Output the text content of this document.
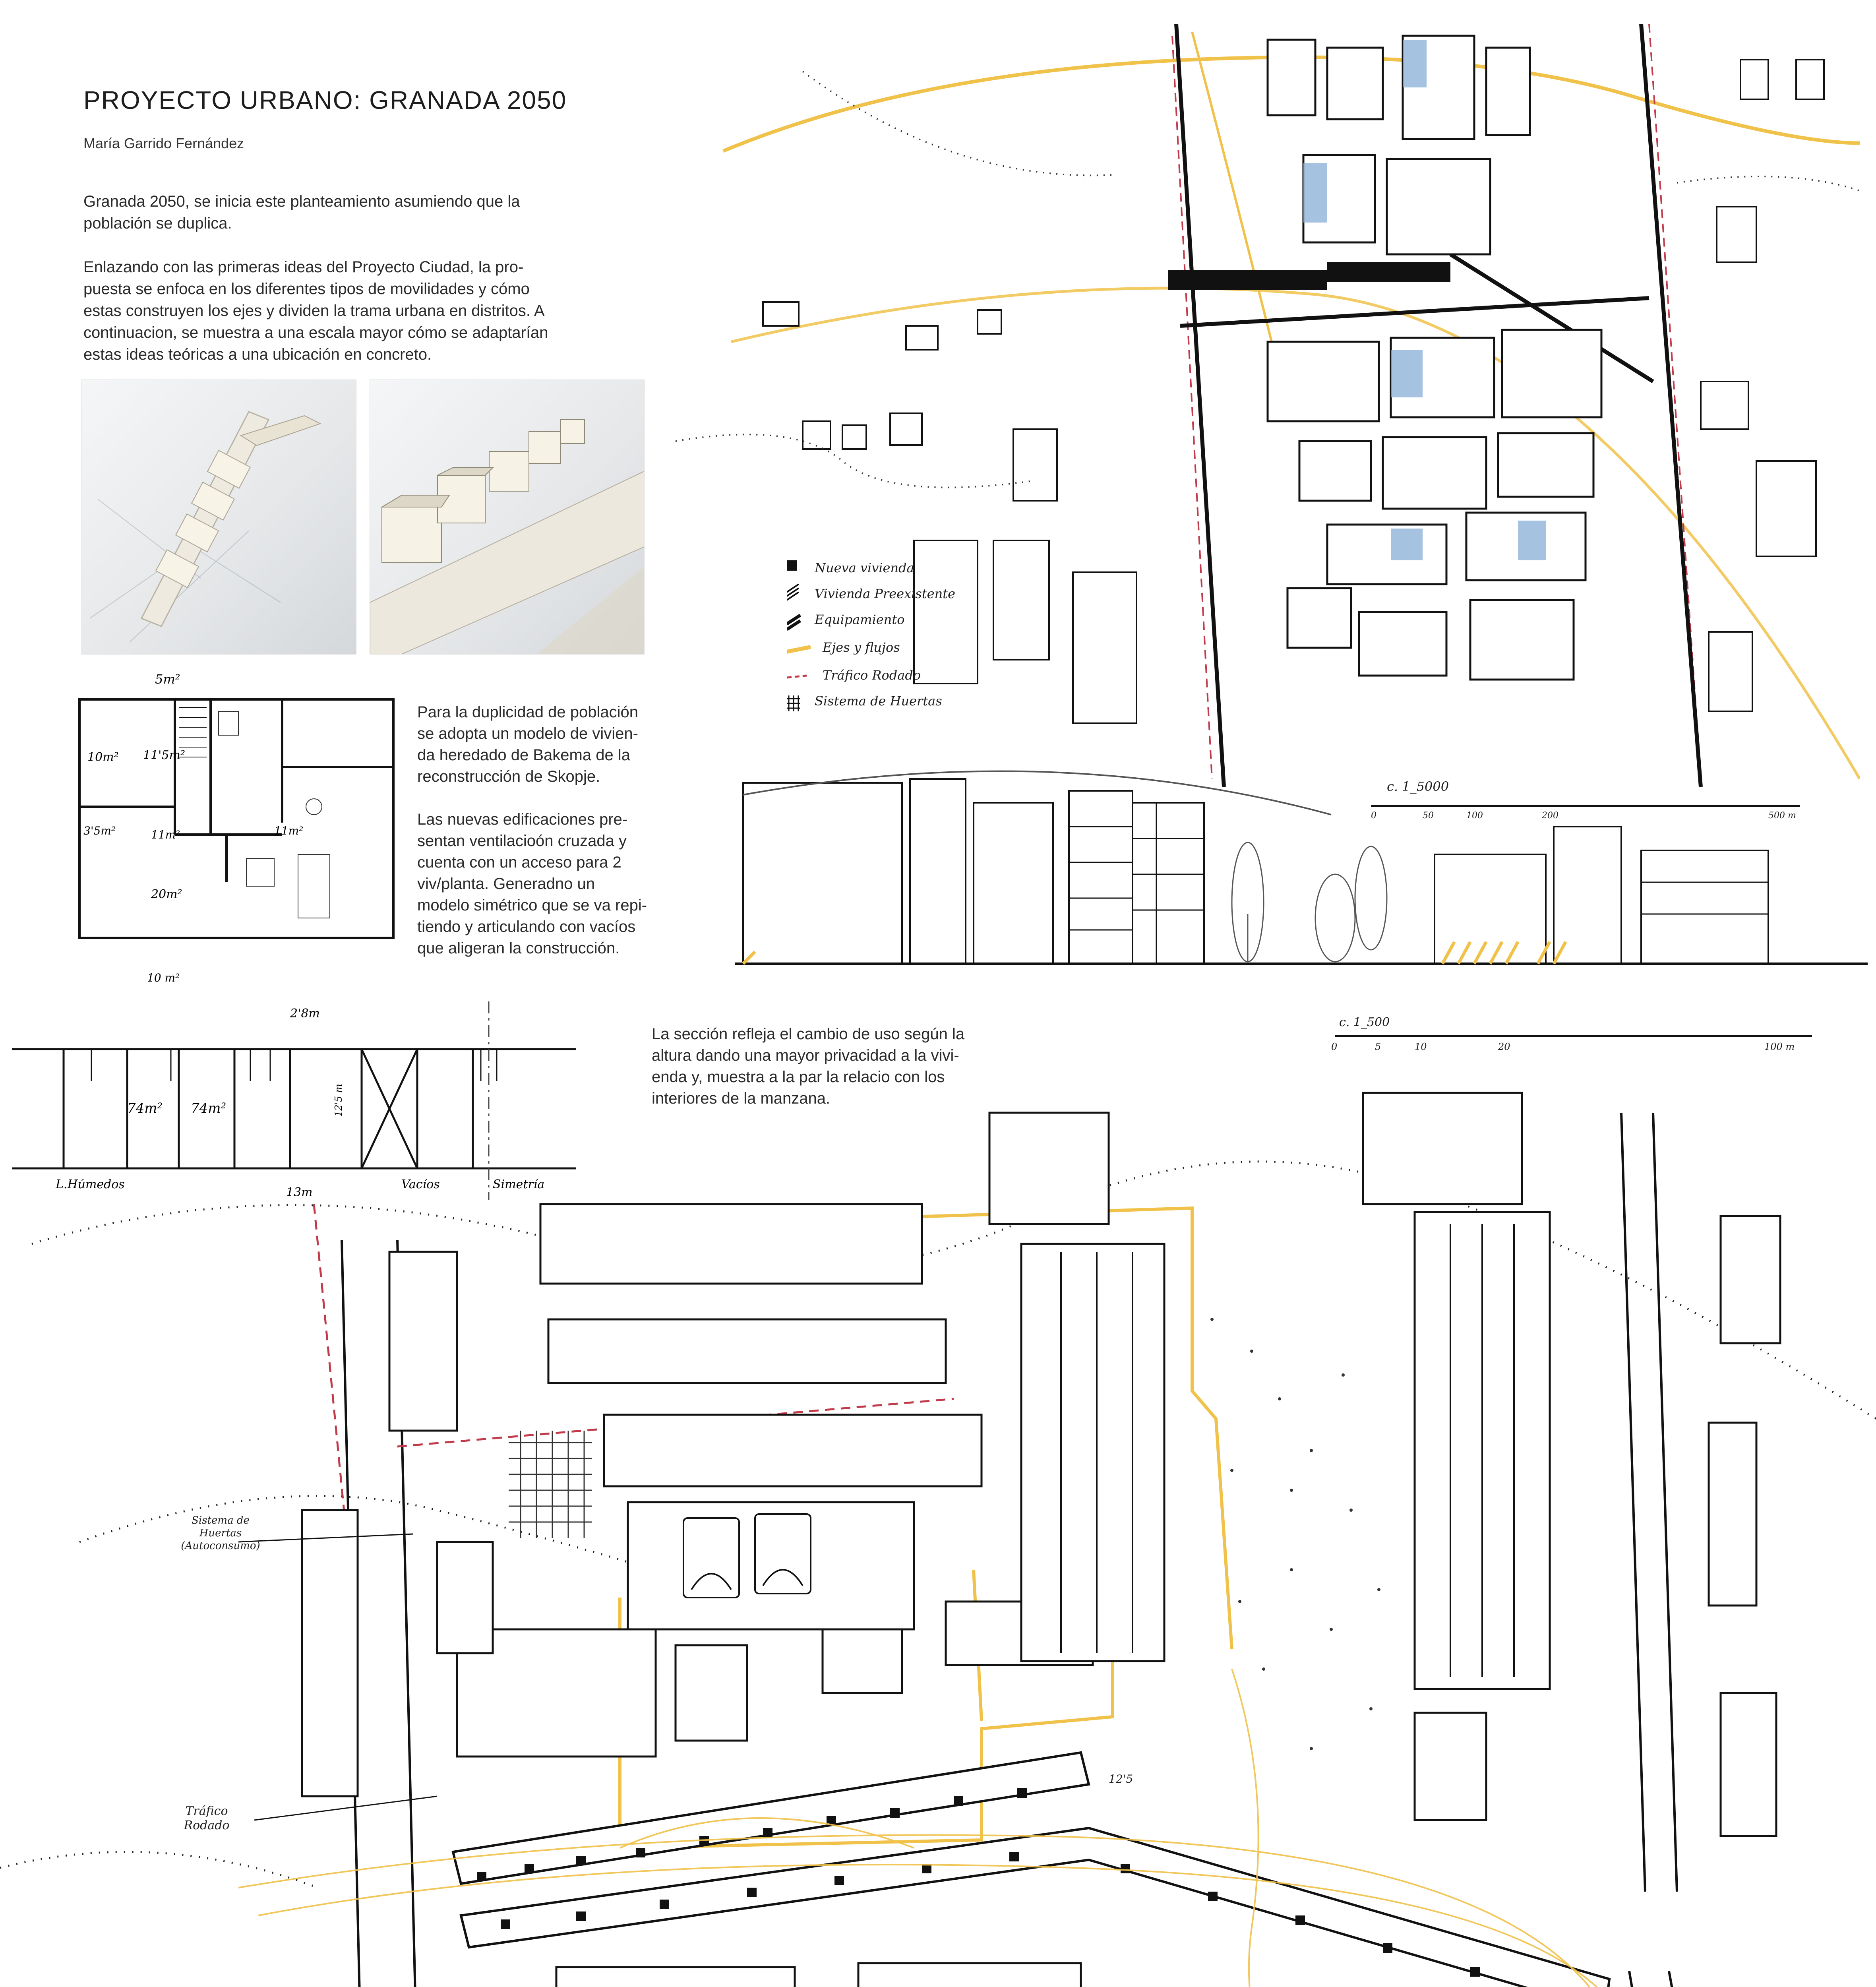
PROYECTO URBANO: GRANADA 2050
María Garrido Fernández
Granada 2050, se inicia este planteamiento asumiendo que la
población se duplica.

Enlazando con las primeras ideas del Proyecto Ciudad, la pro-
puesta se enfoca en los diferentes tipos de movilidades y cómo
estas construyen los ejes y dividen la trama urbana en distritos. A
continuacion, se muestra a una escala mayor cómo se adaptarían
estas ideas teóricas a una ubicación en concreto.
5m²
10m² 11'5m²
3'5m²	11m²	11m²
20m²
10 m²
Para la duplicidad de población
se adopta un modelo de vivien-
da heredado de Bakema de la
reconstrucción de Skopje.

Las nuevas edificaciones pre-
sentan ventilacioón cruzada y
cuenta con un acceso para 2
viv/planta. Generadno un
modelo simétrico que se va repi-
tiendo y articulando con vacíos
que aligeran la construcción.
2'8m
74m² 74m²	12'5 m
13m
L.Húmedos	Vacíos	Simetría
Nueva vivienda
Vivienda Preexistente
Equipamiento
Ejes y flujos
Tráfico Rodado
Sistema de Huertas
c. 1_5000
0	50	100	200	500 m
La sección refleja el cambio de uso según la
altura dando una mayor privacidad a la vivi-
enda y, muestra a la par la relacio con los
interiores de la manzana.
c. 1_500
0	5	10	20	100 m
Sistema de Huertas (Autoconsumo)
Tráfico Rodado
12'5
